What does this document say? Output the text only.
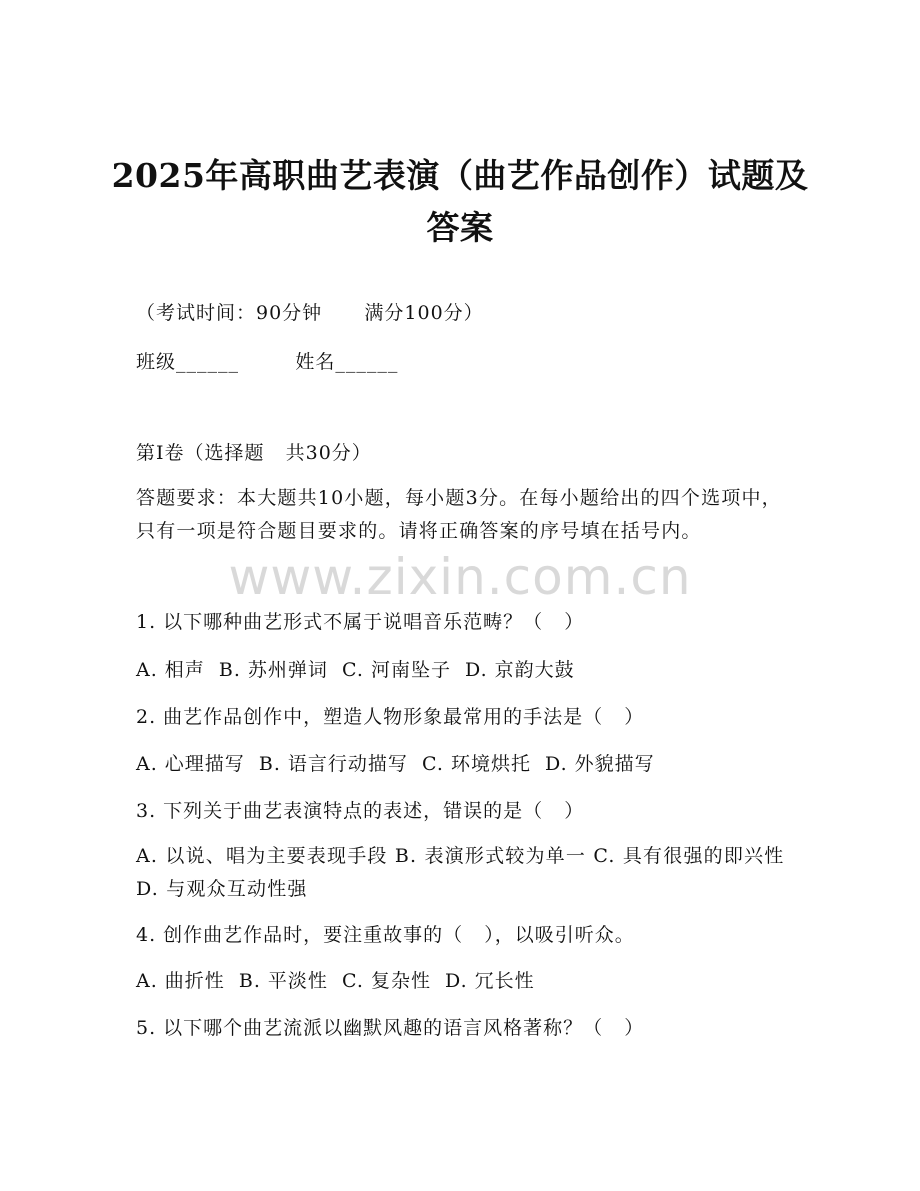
2025年高职曲艺表演（曲艺作品创作）试题及答案
（考试时间：90分钟      满分100分）
班级______        姓名______
第I卷（选择题   共30分）
答题要求：本大题共10小题，每小题3分。在每小题给出的四个选项中，只有一项是符合题目要求的。请将正确答案的序号填在括号内。
www.zixin.com.cn
1. 以下哪种曲艺形式不属于说唱音乐范畴？（   ）
A. 相声  B. 苏州弹词  C. 河南坠子  D. 京韵大鼓
2. 曲艺作品创作中，塑造人物形象最常用的手法是（   ）
A. 心理描写  B. 语言行动描写  C. 环境烘托  D. 外貌描写
3. 下列关于曲艺表演特点的表述，错误的是（   ）
A. 以说、唱为主要表现手段 B. 表演形式较为单一 C. 具有很强的即兴性 D. 与观众互动性强
4. 创作曲艺作品时，要注重故事的（   ），以吸引听众。
A. 曲折性  B. 平淡性  C. 复杂性  D. 冗长性
5. 以下哪个曲艺流派以幽默风趣的语言风格著称？（   ）
